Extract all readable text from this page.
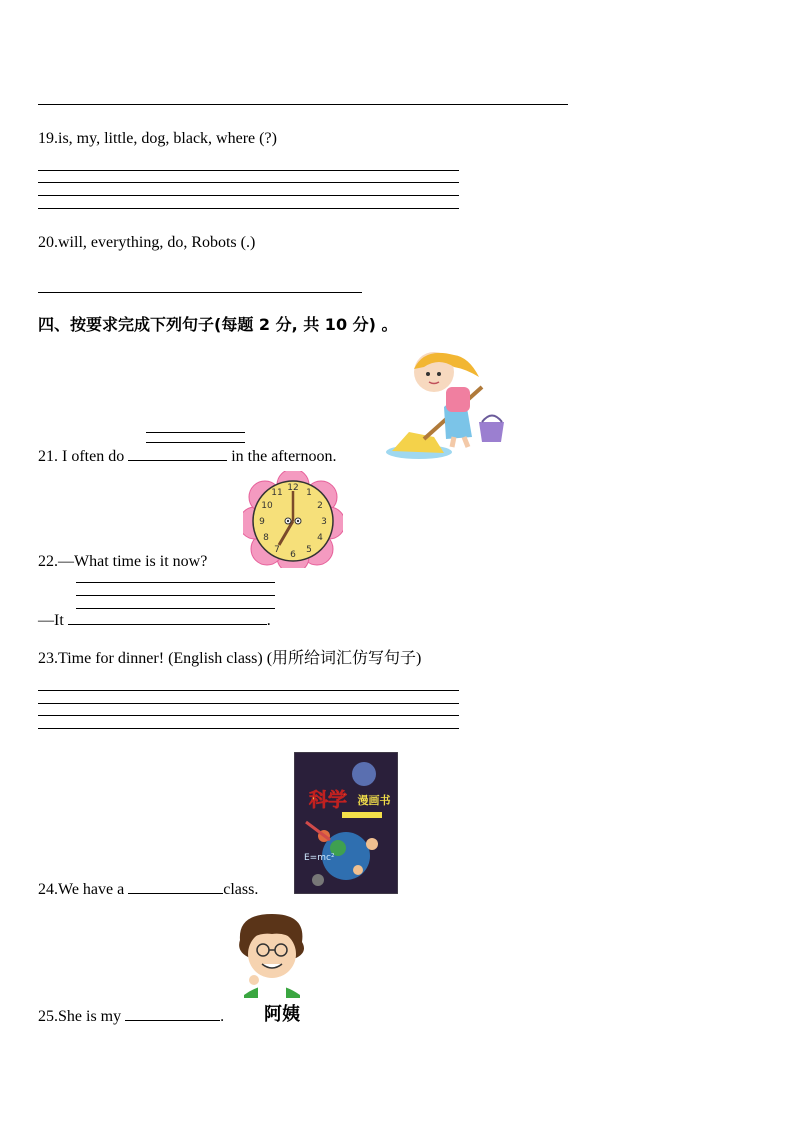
19.is, my, little, dog, black, where (?)
20.will, everything, do, Robots (.)
四、按要求完成下列句子(每题 2 分, 共 10 分) 。
21. I often do	in the afternoon.
12 1
2
3
4
5
6
7
8
9
10
11
22.—What time is it now?
—It	.
23.Time for dinner! (English class) (用所给词汇仿写句子)
科学 漫画书
E=mc²
24.We have a	class.
阿姨
25.She is my	.
